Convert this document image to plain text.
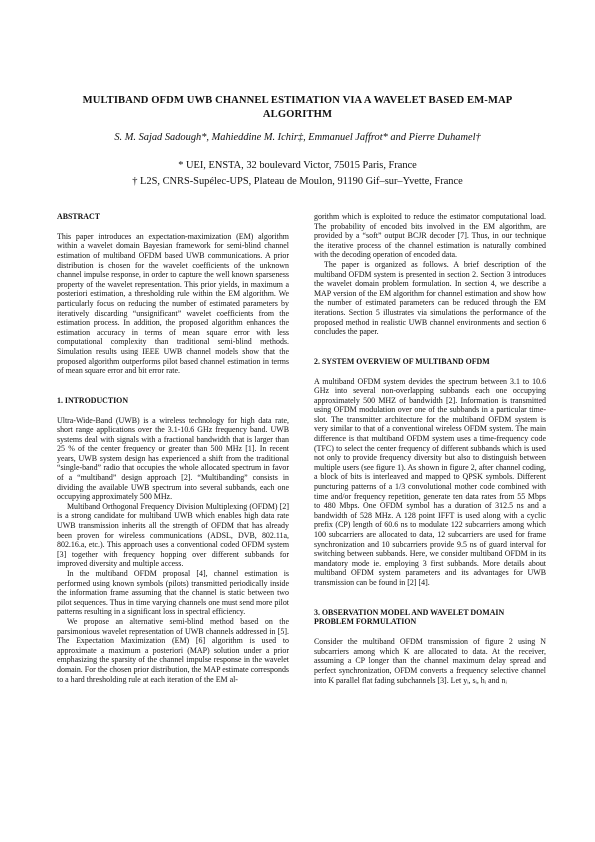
MULTIBAND OFDM UWB CHANNEL ESTIMATION VIA A WAVELET BASED EM-MAP ALGORITHM
S. M. Sajad Sadough*, Mahieddine M. Ichir‡, Emmanuel Jaffrot* and Pierre Duhamel†
* UEI, ENSTA, 32 boulevard Victor, 75015 Paris, France
† L2S, CNRS-Supélec-UPS, Plateau de Moulon, 91190 Gif–sur–Yvette, France

ABSTRACT

This paper introduces an expectation-maximization (EM) algorithm within a wavelet domain Bayesian framework for semi-blind channel estimation of multiband OFDM based UWB communications. A prior distribution is chosen for the wavelet coefficients of the unknown channel impulse response, in order to capture the well known sparseness property of the wavelet representation. This prior yields, in maximum a posteriori estimation, a thresholding rule within the EM algorithm. We particularly focus on reducing the number of estimated parameters by iteratively discarding “unsignificant” wavelet coefficients from the estimation process. In addition, the proposed algorithm enhances the estimation accuracy in terms of mean square error with less computational complexity than traditional semi-blind methods. Simulation results using IEEE UWB channel models show that the proposed algorithm outperforms pilot based channel estimation in terms of mean square error and bit error rate.

1. INTRODUCTION

Ultra-Wide-Band (UWB) is a wireless technology for high data rate, short range applications over the 3.1-10.6 GHz frequency band. UWB systems deal with signals with a fractional bandwidth that is larger than 25 % of the center frequency or greater than 500 MHz [1]. In recent years, UWB system design has experienced a shift from the traditional “single-band” radio that occupies the whole allocated spectrum in favor of a “multiband” design approach [2]. “Multibanding” consists in dividing the available UWB spectrum into several subbands, each one occupying approximately 500 MHz.

Multiband Orthogonal Frequency Division Multiplexing (OFDM) [2] is a strong candidate for multiband UWB which enables high data rate UWB transmission inherits all the strength of OFDM that has already been proven for wireless communications (ADSL, DVB, 802.11a, 802.16.a, etc.). This approach uses a conventional coded OFDM system [3] together with frequency hopping over different subbands for improved diversity and multiple access.

In the multiband OFDM proposal [4], channel estimation is performed using known symbols (pilots) transmitted periodically inside the information frame assuming that the channel is static between two pilot sequences. Thus in time varying channels one must send more pilot patterns resulting in a significant loss in spectral efficiency.

We propose an alternative semi-blind method based on the parsimonious wavelet representation of UWB channels addressed in [5]. The Expectation Maximization (EM) [6] algorithm is used to approximate a maximum a posteriori (MAP) solution under a prior emphasizing the sparsity of the channel impulse response in the wavelet domain. For the chosen prior distribution, the MAP estimate corresponds to a hard thresholding rule at each iteration of the EM al-

gorithm which is exploited to reduce the estimator computational load. The probability of encoded bits involved in the EM algorithm, are provided by a “soft” output BCJR decoder [7]. Thus, in our technique the iterative process of the channel estimation is naturally combined with the decoding operation of encoded data.

The paper is organized as follows. A brief description of the multiband OFDM system is presented in section 2. Section 3 introduces the wavelet domain problem formulation. In section 4, we describe a MAP version of the EM algorithm for channel estimation and show how the number of estimated parameters can be reduced through the EM iterations. Section 5 illustrates via simulations the performance of the proposed method in realistic UWB channel environments and section 6 concludes the paper.

2. SYSTEM OVERVIEW OF MULTIBAND OFDM

A multiband OFDM system devides the spectrum between 3.1 to 10.6 GHz into several non-overlapping subbands each one occupying approximately 500 MHZ of bandwidth [2]. Information is transmitted using OFDM modulation over one of the subbands in a particular time-slot. The transmitter architecture for the multiband OFDM system is very similar to that of a conventional wireless OFDM system. The main difference is that multiband OFDM system uses a time-frequency code (TFC) to select the center frequency of different subbands which is used not only to provide frequency diversity but also to distinguish between multiple users (see figure 1). As shown in figure 2, after channel coding, a block of bits is interleaved and mapped to QPSK symbols. Different puncturing patterns of a 1/3 convolutional mother code combined with time and/or frequency repetition, generate ten data rates from 55 Mbps to 480 Mbps. One OFDM symbol has a duration of 312.5 ns and a bandwidth of 528 MHz. A 128 point IFFT is used along with a cyclic prefix (CP) length of 60.6 ns to modulate 122 subcarriers among which 100 subcarriers are allocated to data, 12 subcarriers are used for frame synchronization and 10 subcarriers provide 9.5 ns of guard interval for switching between subbands. Here, we consider multiband OFDM in its mandatory mode ie. employing 3 first subbands. More details about multiband OFDM system parameters and its advantages for UWB transmission can be found in [2] [4].

3. OBSERVATION MODEL AND WAVELET DOMAIN

PROBLEM FORMULATION

Consider the multiband OFDM transmission of figure 2 using N subcarriers among which K are allocated to data. At the receiver, assuming a CP longer than the channel maximum delay spread and perfect synchronization, OFDM converts a frequency selective channel into K parallel flat fading subchannels [3]. Let yᵢ, sᵢ, hᵢ and nᵢ
